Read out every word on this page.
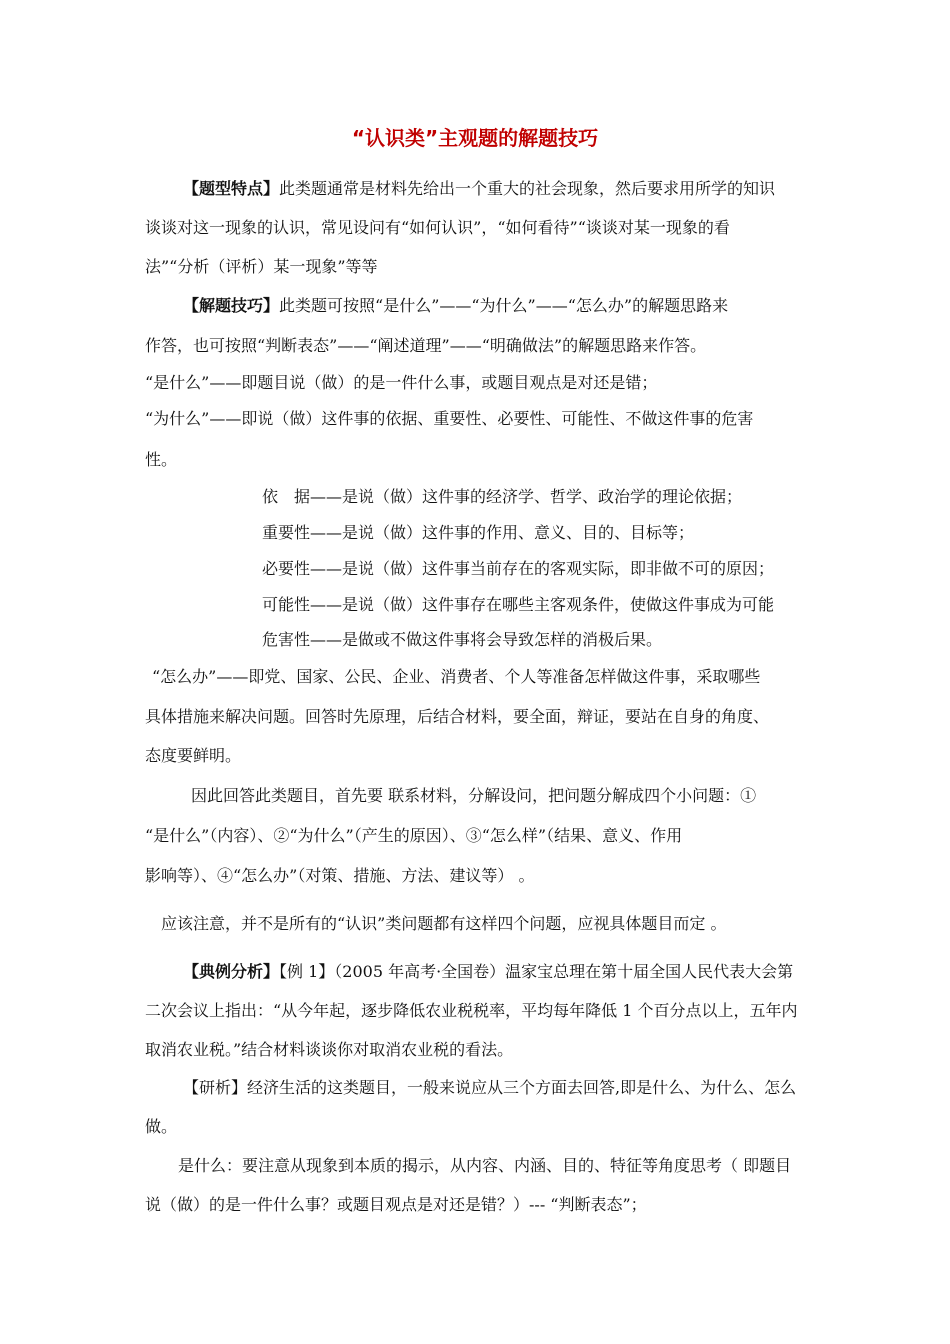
“认识类”主观题的解题技巧
【题型特点】此类题通常是材料先给出一个重大的社会现象，然后要求用所学的知识
谈谈对这一现象的认识，常见设问有“如何认识”，“如何看待”“谈谈对某一现象的看
法”“分析（评析）某一现象”等等
【解题技巧】此类题可按照“是什么”——“为什么”——“怎么办”的解题思路来
作答，也可按照“判断表态”——“阐述道理”——“明确做法”的解题思路来作答。
“是什么”——即题目说（做）的是一件什么事，或题目观点是对还是错；
“为什么”——即说（做）这件事的依据、重要性、必要性、可能性、不做这件事的危害
性。
依　据——是说（做）这件事的经济学、哲学、政治学的理论依据；
重要性——是说（做）这件事的作用、意义、目的、目标等；
必要性——是说（做）这件事当前存在的客观实际，即非做不可的原因；
可能性——是说（做）这件事存在哪些主客观条件，使做这件事成为可能
危害性——是做或不做这件事将会导致怎样的消极后果。
“怎么办”——即党、国家、公民、企业、消费者、个人等准备怎样做这件事，采取哪些
具体措施来解决问题。回答时先原理，后结合材料，要全面，辩证，要站在自身的角度、
态度要鲜明。
因此回答此类题目，首先要 联系材料，分解设问，把问题分解成四个小问题：①
“是什么”（内容）、②“为什么”（产生的原因）、③“怎么样”（结果、意义、作用
影响等）、④“怎么办”（对策、措施、方法、建议等） 。
应该注意，并不是所有的“认识”类问题都有这样四个问题，应视具体题目而定 。
【典例分析】【例 1】（2005 年高考·全国卷）温家宝总理在第十届全国人民代表大会第
二次会议上指出：“从今年起，逐步降低农业税税率，平均每年降低 1 个百分点以上，五年内
取消农业税。”结合材料谈谈你对取消农业税的看法。
【研析】经济生活的这类题目，一般来说应从三个方面去回答,即是什么、为什么、怎么
做。
是什么：要注意从现象到本质的揭示，从内容、内涵、目的、特征等角度思考（ 即题目
说（做）的是一件什么事？或题目观点是对还是错？）--- “判断表态”；
